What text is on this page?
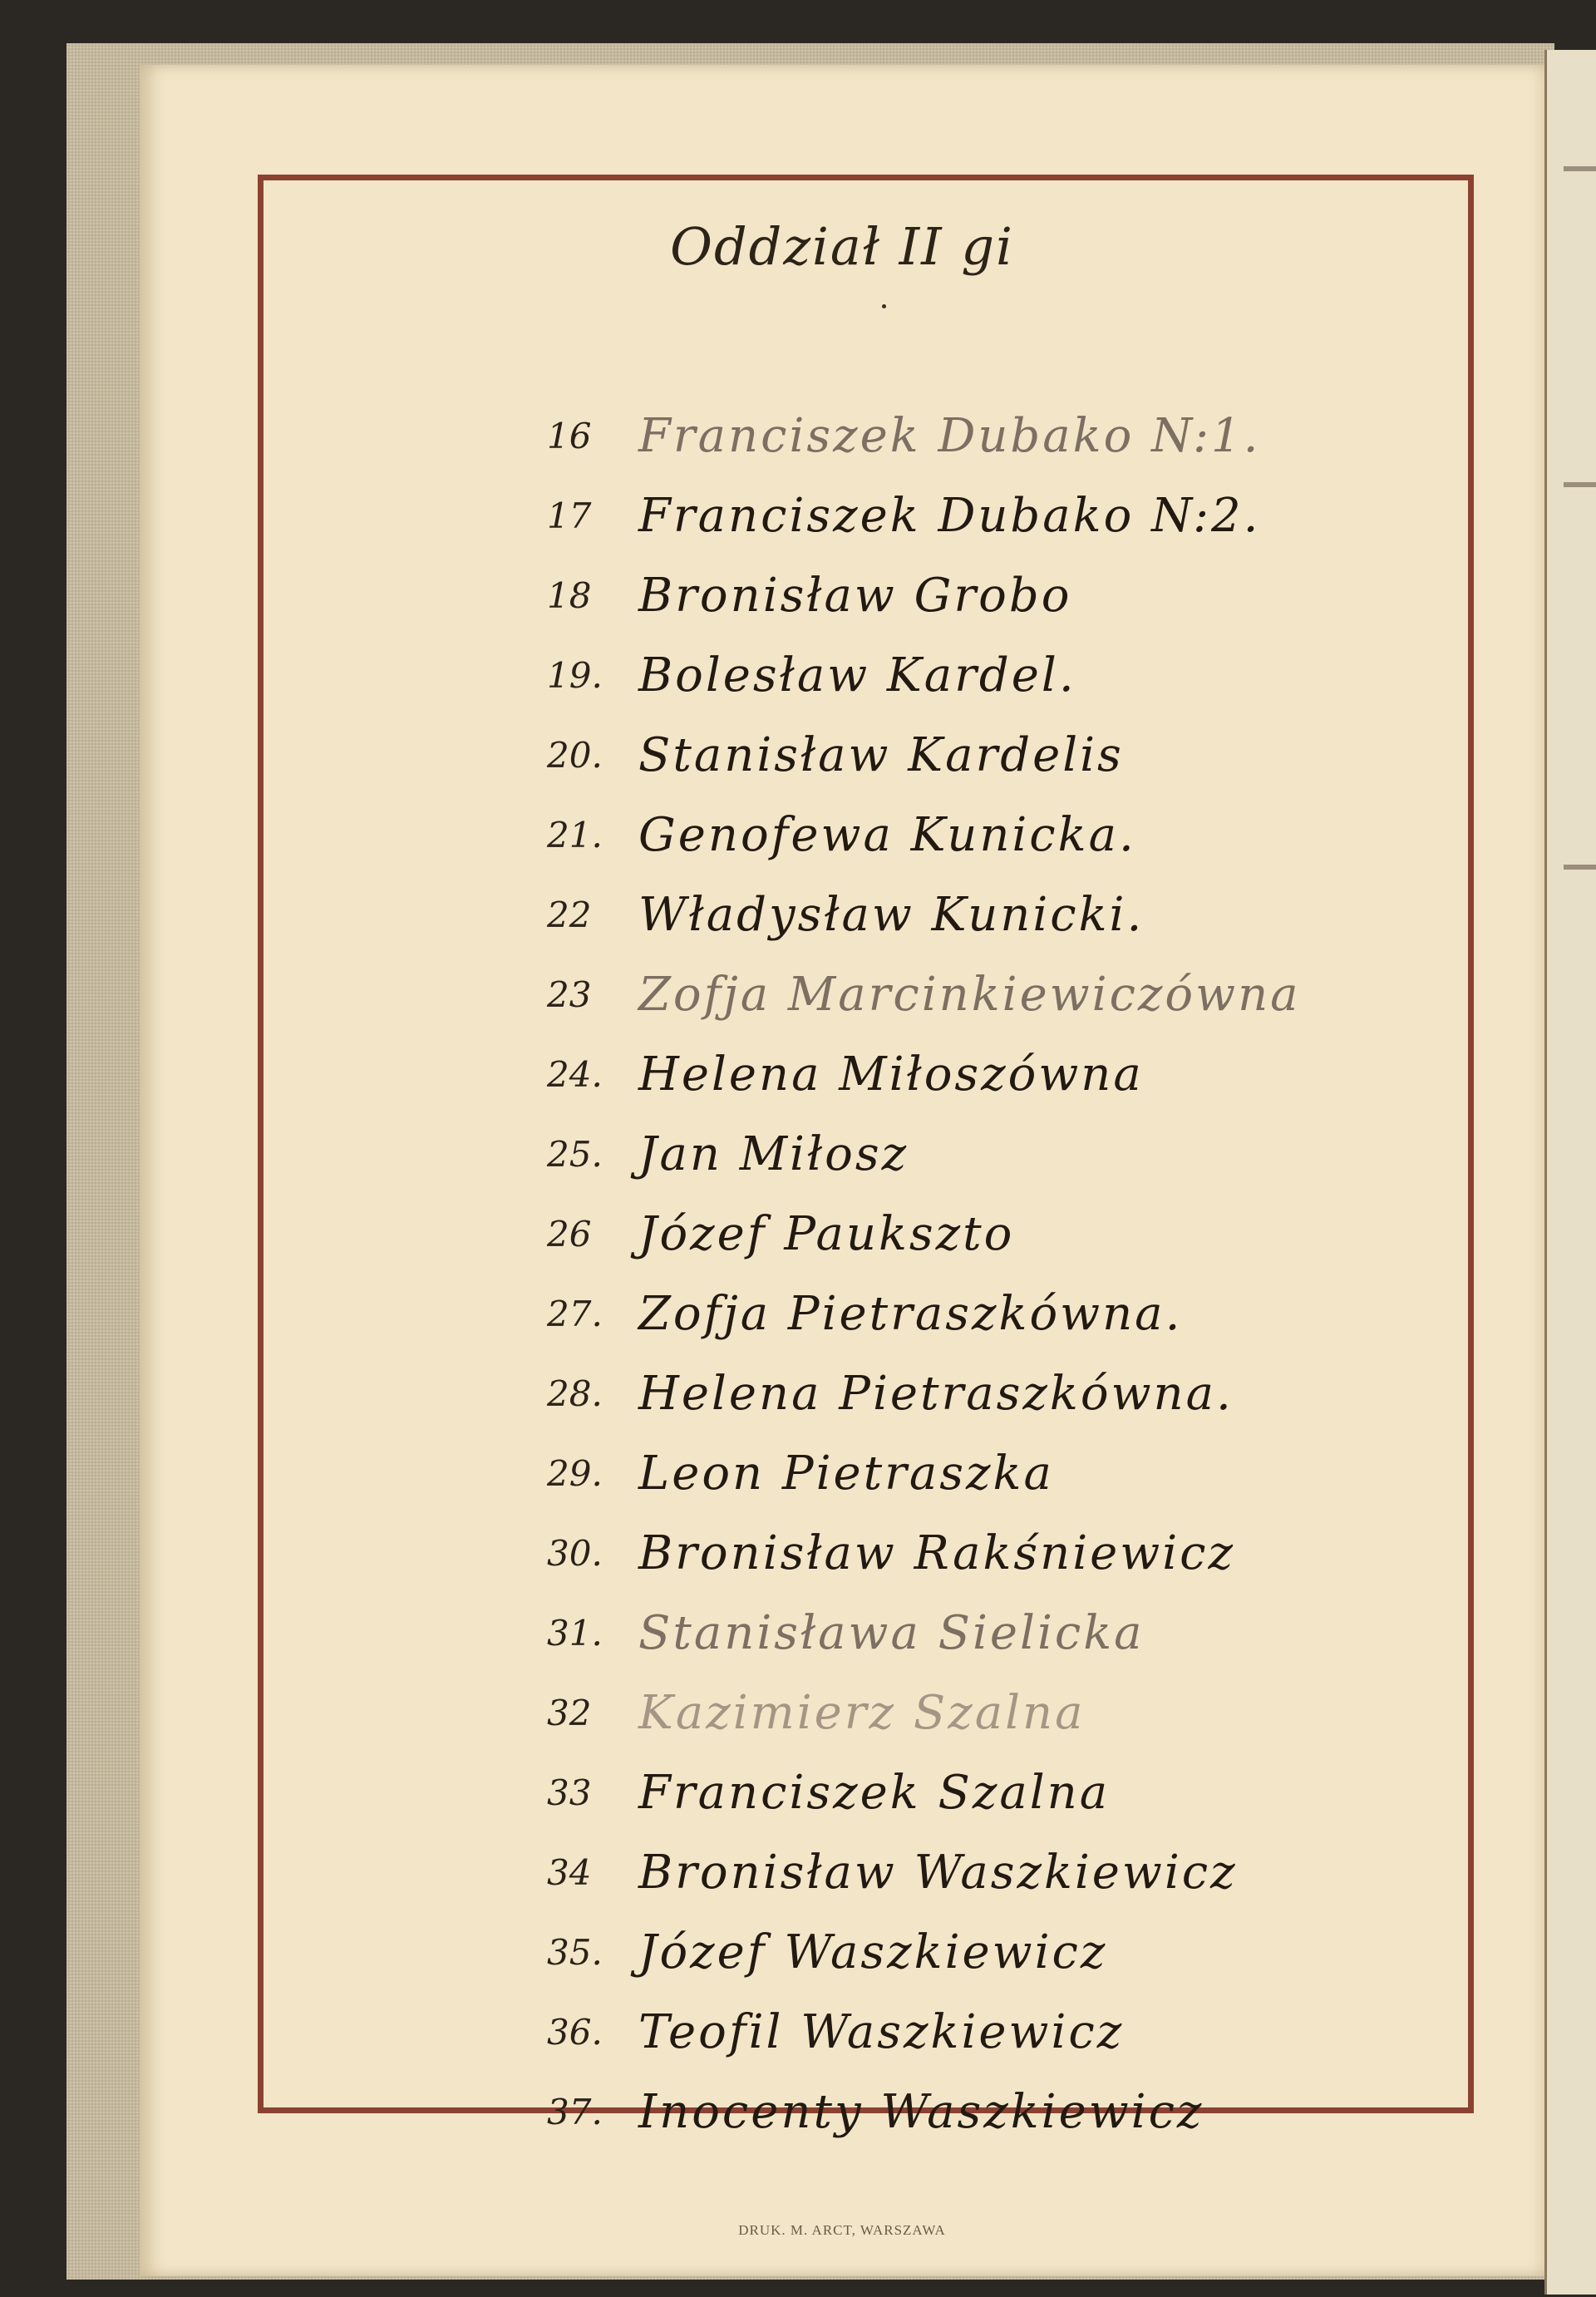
Oddział II gi
16	Franciszek Dubako N:1.
17	Franciszek Dubako N:2.
18	Bronisław Grobo
19. Bolesław Kardel.
20. Stanisław Kardelis
21. Genofewa Kunicka.
22	Władysław Kunicki.
23	Zofja Marcinkiewiczówna
24. Helena Miłoszówna
25. Jan Miłosz
26	Józef Paukszto
27. Zofja Pietraszkówna.
28. Helena Pietraszkówna.
29. Leon Pietraszka
30. Bronisław Rakśniewicz
31. Stanisława Sielicka
32	Kazimierz Szalna
33	Franciszek Szalna
34	Bronisław Waszkiewicz
35. Józef Waszkiewicz
36. Teofil Waszkiewicz
37. Inocenty Waszkiewicz
DRUK. M. ARCT, WARSZAWA
